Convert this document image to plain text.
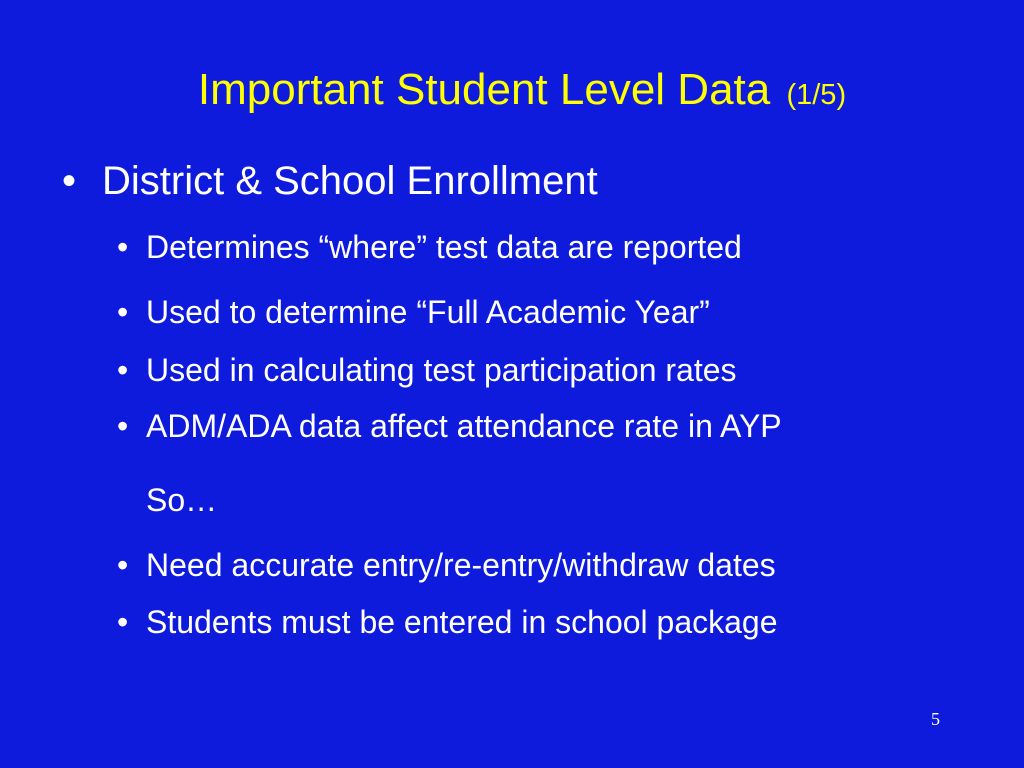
Important Student Level Data (1/5)
• District & School Enrollment
• Determines “where” test data are reported
• Used to determine “Full Academic Year”
• Used in calculating test participation rates
• ADM/ADA data affect attendance rate in AYP
So…
• Need accurate entry/re-entry/withdraw dates
• Students must be entered in school package
5
